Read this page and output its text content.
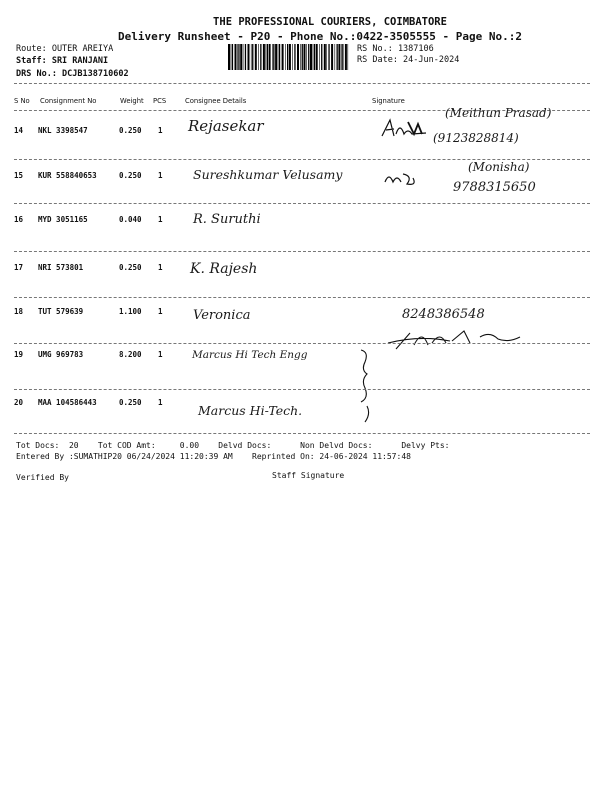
THE PROFESSIONAL COURIERS, COIMBATORE
Delivery Runsheet - P20 - Phone No.:0422-3505555 - Page No.:2
Route: OUTER AREIYA
Staff: SRI RANJANI
DRS No.: DCJB138710602
RS No.: 1387106
RS Date: 24-Jun-2024
S No Consignment No	Weight PCS	Consignee Details	Signature
14 NKL 3398547	0.250 1 Rejasekar
(Meithun Prasad)
(9123828814)
15 KUR 558840653	0.250 1 Sureshkumar Velusamy	(Monisha)
9788315650
16 MYD 3051165	0.040 1 R. Suruthi
17 NRI 573801	0.250 1 K. Rajesh
18 TUT 579639	1.100 1 Veronica	8248386548
19 UMG 969783	8.200 1	Marcus Hi Tech Engg
20 MAA 104586443	0.250 1
Marcus Hi-Tech.
Tot Docs:  20    Tot COD Amt:     0.00    Delvd Docs:      Non Delvd Docs:      Delvy Pts:
Entered By :SUMATHIP20 06/24/2024 11:20:39 AM    Reprinted On: 24-06-2024 11:57:48
Verified By	Staff Signature
